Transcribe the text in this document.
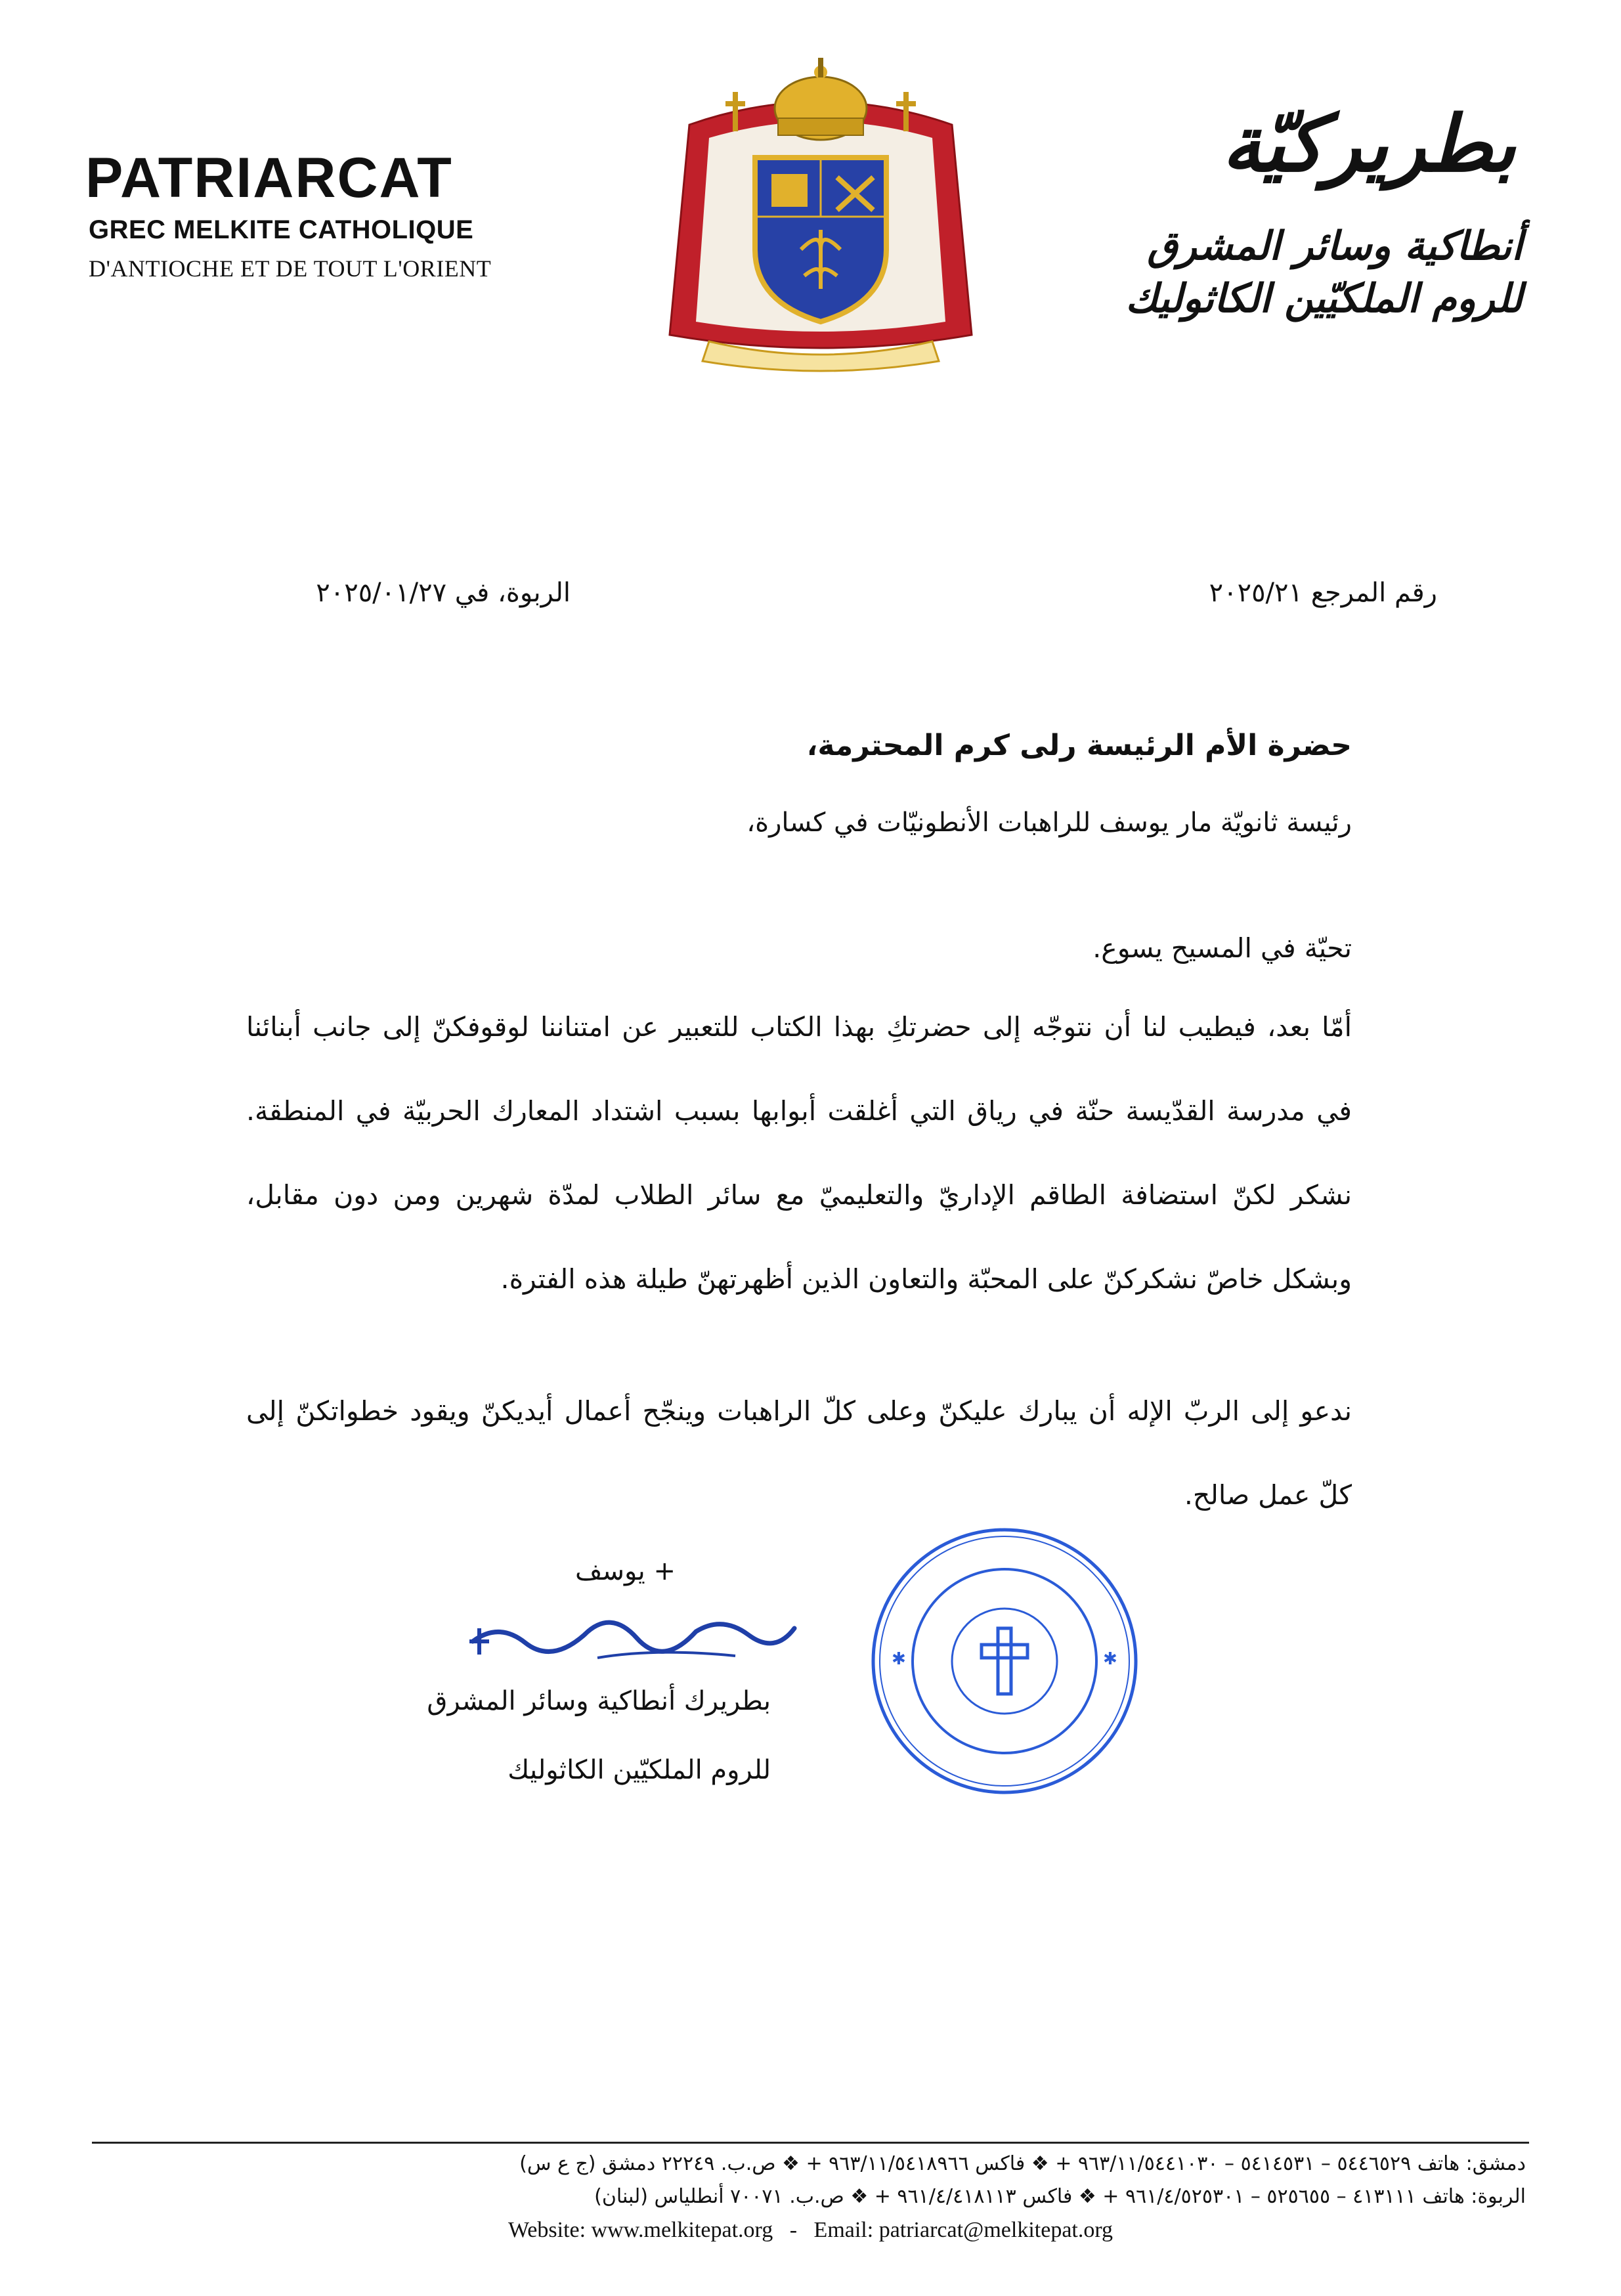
PATRIARCAT
GREC MELKITE CATHOLIQUE
D'ANTIOCHE ET DE TOUT L'ORIENT
بطريركيّة
أنطاكية وسائر المشرق
للروم الملكيّين الكاثوليك
رقم المرجع ٢٠٢٥/٢١
الربوة، في ٢٠٢٥/٠١/٢٧
حضرة الأم الرئيسة رلى كرم المحترمة،
رئيسة ثانويّة مار يوسف للراهبات الأنطونيّات في كسارة،
تحيّة في المسيح يسوع.
أمّا بعد، فيطيب لنا أن نتوجّه إلى حضرتكِ بهذا الكتاب للتعبير عن امتناننا لوقوفكنّ إلى جانب أبنائنا في مدرسة القدّيسة حنّة في رياق التي أغلقت أبوابها بسبب اشتداد المعارك الحربيّة في المنطقة. نشكر لكنّ استضافة الطاقم الإداريّ والتعليميّ مع سائر الطلاب لمدّة شهرين ومن دون مقابل، وبشكل خاصّ نشكركنّ على المحبّة والتعاون الذين أظهرتهنّ طيلة هذه الفترة.
ندعو إلى الربّ الإله أن يبارك عليكنّ وعلى كلّ الراهبات وينجّح أعمال أيديكنّ ويقود خطواتكنّ إلى كلّ عمل صالح.
+ يوسف
بطريرك أنطاكية وسائر المشرق
للروم الملكيّين الكاثوليك
✱	✱
دمشق: هاتف ٥٤٤٦٥٢٩ – ٥٤١٤٥٣١ – ٩٦٣/١١/٥٤٤١٠٣٠ + ❖ فاكس ٩٦٣/١١/٥٤١٨٩٦٦ + ❖ ص.ب. ٢٢٢٤٩ دمشق (ج ع س)
الربوة: هاتف ٤١٣١١١ – ٥٢٥٦٥٥ – ٩٦١/٤/٥٢٥٣٠١ + ❖ فاكس ٩٦١/٤/٤١٨١١٣ + ❖ ص.ب. ٧٠٠٧١ أنطلياس (لبنان)
Website: www.melkitepat.org   -   Email: patriarcat@melkitepat.org
